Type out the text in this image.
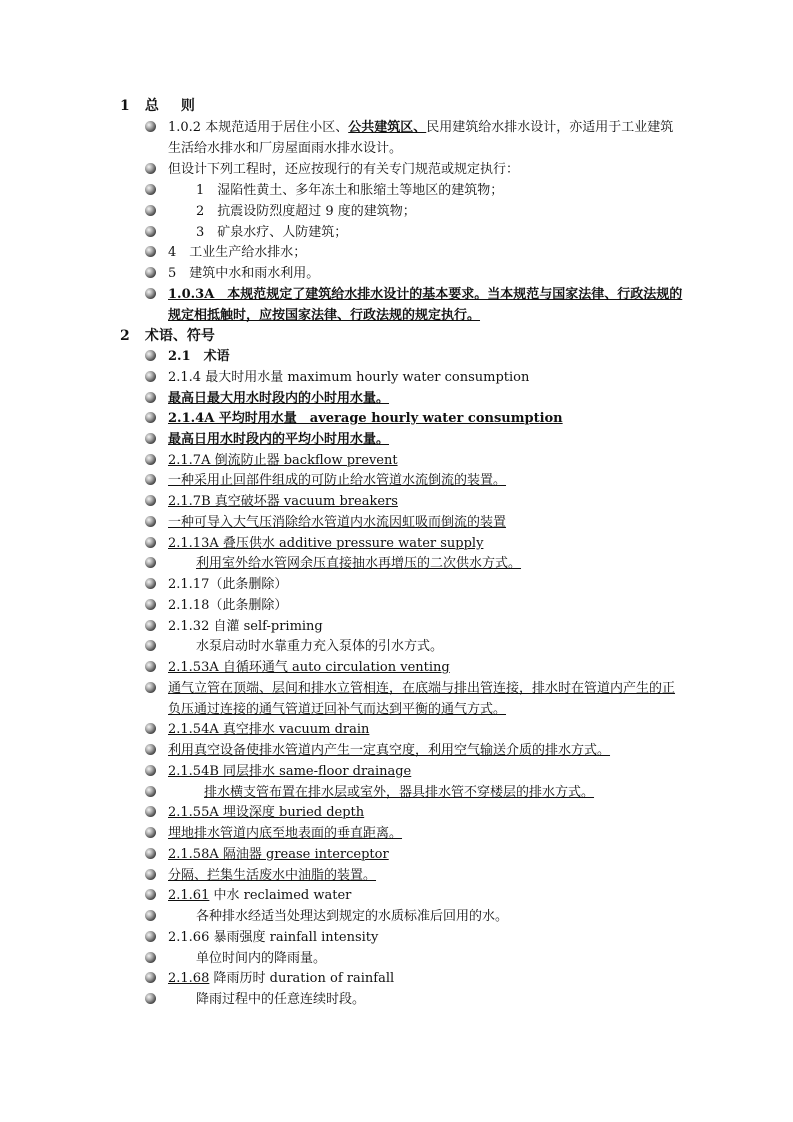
1 总 则
1.0.2 本规范适用于居住小区、公共建筑区、民用建筑给水排水设计，亦适用于工业建筑生活给水排水和厂房屋面雨水排水设计。
但设计下列工程时，还应按现行的有关专门规范或规定执行：
1　湿陷性黄土、多年冻土和胀缩土等地区的建筑物；
2　抗震设防烈度超过 9 度的建筑物；
3　矿泉水疗、人防建筑；
4　工业生产给水排水；
5　建筑中水和雨水利用。
1.0.3A　本规范规定了建筑给水排水设计的基本要求。当本规范与国家法律、行政法规的规定相抵触时，应按国家法律、行政法规的规定执行。
2 术语、符号
2.1　术语
2.1.4 最大时用水量 maximum hourly water consumption
最高日最大用水时段内的小时用水量。
2.1.4A 平均时用水量　average hourly water consumption
最高日用水时段内的平均小时用水量。
2.1.7A 倒流防止器 backflow prevent
一种采用止回部件组成的可防止给水管道水流倒流的装置。
2.1.7B 真空破坏器 vacuum breakers
一种可导入大气压消除给水管道内水流因虹吸而倒流的装置
2.1.13A 叠压供水 additive pressure water supply
利用室外给水管网余压直接抽水再增压的二次供水方式。
2.1.17（此条删除）
2.1.18（此条删除）
2.1.32 自灌 self-priming
水泵启动时水靠重力充入泵体的引水方式。
2.1.53A 自循环通气 auto circulation venting
通气立管在顶端、层间和排水立管相连，在底端与排出管连接，排水时在管道内产生的正负压通过连接的通气管道迂回补气而达到平衡的通气方式。
2.1.54A 真空排水 vacuum drain
利用真空设备使排水管道内产生一定真空度，利用空气输送介质的排水方式。
2.1.54B 同层排水 same-floor drainage
排水横支管布置在排水层或室外，器具排水管不穿楼层的排水方式。
2.1.55A 埋设深度 buried depth
埋地排水管道内底至地表面的垂直距离。
2.1.58A 隔油器 grease interceptor
分隔、拦集生活废水中油脂的装置。
2.1.61 中水 reclaimed water
各种排水经适当处理达到规定的水质标准后回用的水。
2.1.66 暴雨强度 rainfall intensity
单位时间内的降雨量。
2.1.68 降雨历时 duration of rainfall
降雨过程中的任意连续时段。
